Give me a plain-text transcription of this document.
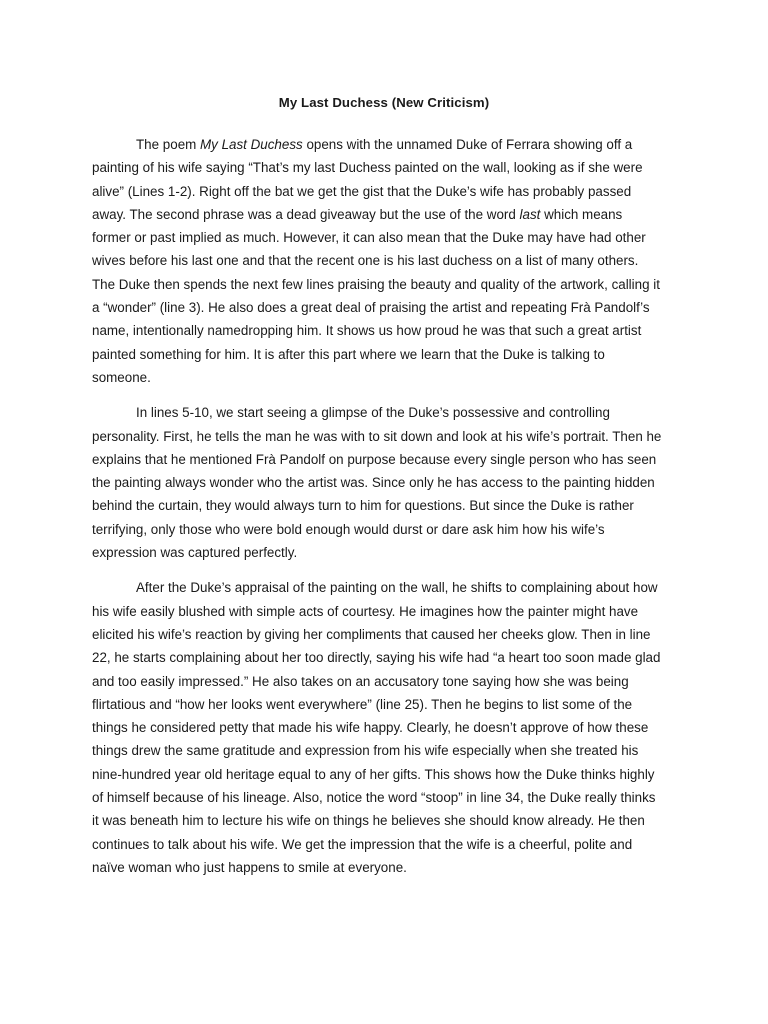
My Last Duchess (New Criticism)

The poem My Last Duchess opens with the unnamed Duke of Ferrara showing off a
painting of his wife saying “That’s my last Duchess painted on the wall, looking as if she were
alive” (Lines 1-2). Right off the bat we get the gist that the Duke’s wife has probably passed
away. The second phrase was a dead giveaway but the use of the word last which means
former or past implied as much. However, it can also mean that the Duke may have had other
wives before his last one and that the recent one is his last duchess on a list of many others.
The Duke then spends the next few lines praising the beauty and quality of the artwork, calling it
a “wonder” (line 3). He also does a great deal of praising the artist and repeating Frà Pandolf’s
name, intentionally namedropping him. It shows us how proud he was that such a great artist
painted something for him. It is after this part where we learn that the Duke is talking to
someone.

In lines 5-10, we start seeing a glimpse of the Duke’s possessive and controlling
personality. First, he tells the man he was with to sit down and look at his wife’s portrait. Then he
explains that he mentioned Frà Pandolf on purpose because every single person who has seen
the painting always wonder who the artist was. Since only he has access to the painting hidden
behind the curtain, they would always turn to him for questions. But since the Duke is rather
terrifying, only those who were bold enough would durst or dare ask him how his wife’s
expression was captured perfectly.

After the Duke’s appraisal of the painting on the wall, he shifts to complaining about how
his wife easily blushed with simple acts of courtesy. He imagines how the painter might have
elicited his wife’s reaction by giving her compliments that caused her cheeks glow. Then in line
22, he starts complaining about her too directly, saying his wife had “a heart too soon made glad
and too easily impressed.” He also takes on an accusatory tone saying how she was being
flirtatious and “how her looks went everywhere” (line 25). Then he begins to list some of the
things he considered petty that made his wife happy. Clearly, he doesn’t approve of how these
things drew the same gratitude and expression from his wife especially when she treated his
nine-hundred year old heritage equal to any of her gifts. This shows how the Duke thinks highly
of himself because of his lineage. Also, notice the word “stoop” in line 34, the Duke really thinks
it was beneath him to lecture his wife on things he believes she should know already. He then
continues to talk about his wife. We get the impression that the wife is a cheerful, polite and
naïve woman who just happens to smile at everyone.
